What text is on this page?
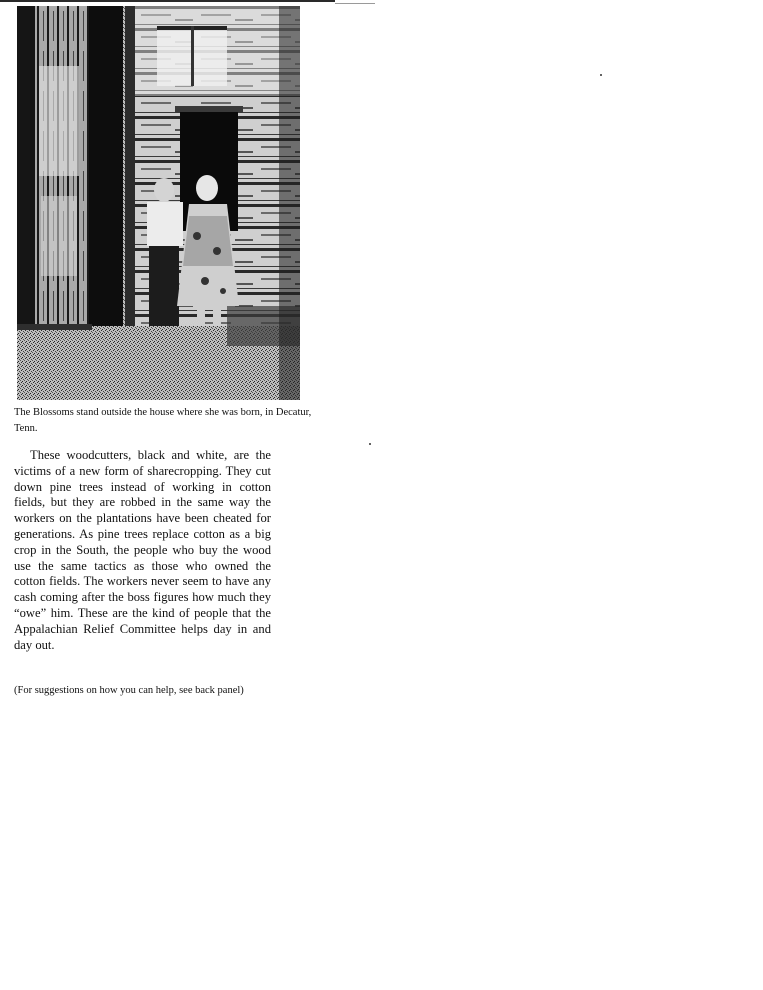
The Blossoms stand outside the house where she was born, in Decatur, Tenn.

These woodcutters, black and white, are the victims of a new form of sharecropping. They cut down pine trees instead of working in cotton fields, but they are robbed in the same way the workers on the plantations have been cheated for generations. As pine trees replace cotton as a big crop in the South, the people who buy the wood use the same tactics as those who owned the cotton fields. The workers never seem to have any cash coming after the boss figures how much they “owe” him. These are the kind of people that the Appalachian Relief Committee helps day in and day out.

(For suggestions on how you can help, see back panel)
